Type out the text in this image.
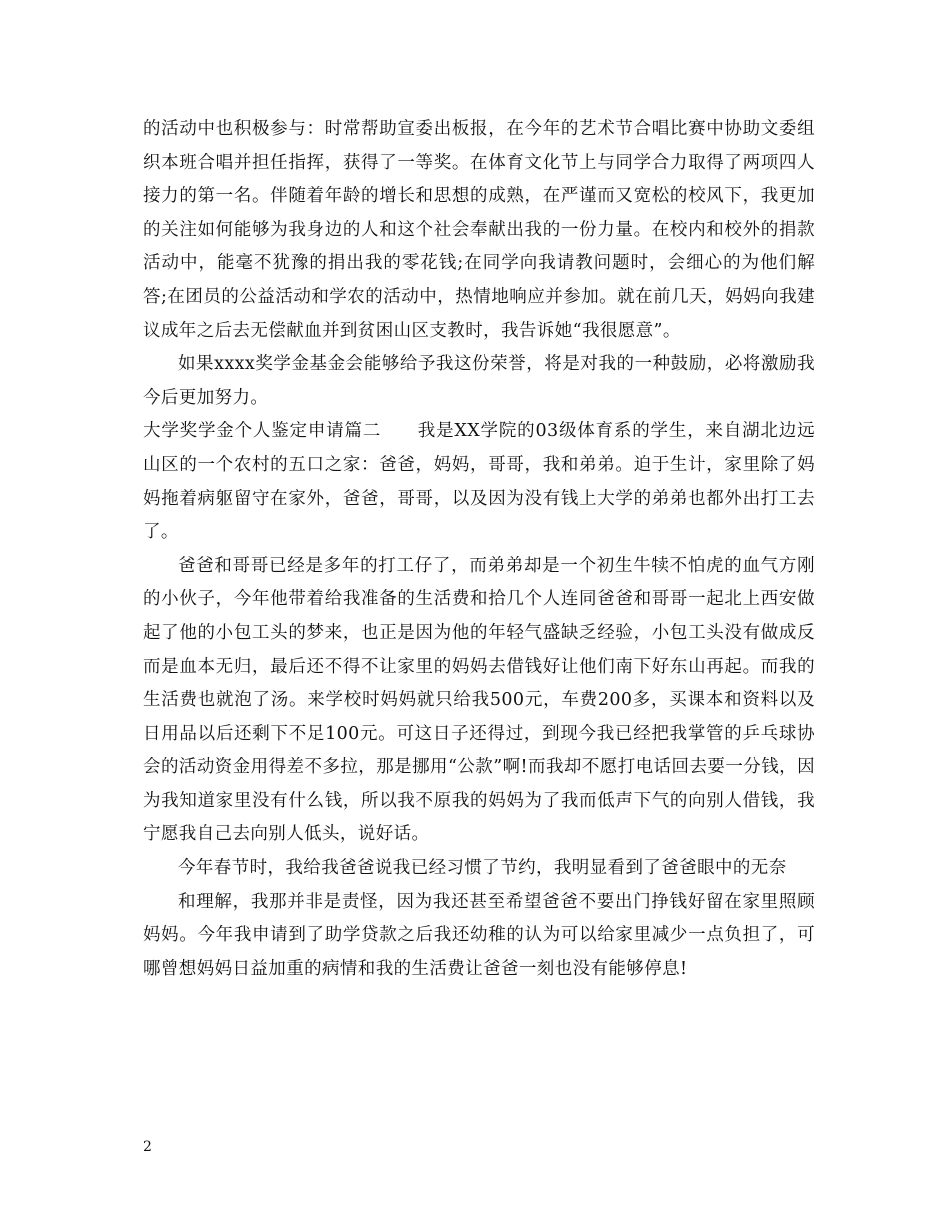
的活动中也积极参与：时常帮助宣委出板报，在今年的艺术节合唱比赛中协助文委组织本班合唱并担任指挥，获得了一等奖。在体育文化节上与同学合力取得了两项四人接力的第一名。伴随着年龄的增长和思想的成熟，在严谨而又宽松的校风下，我更加的关注如何能够为我身边的人和这个社会奉献出我的一份力量。在校内和校外的捐款活动中，能毫不犹豫的捐出我的零花钱;在同学向我请教问题时，会细心的为他们解答;在团员的公益活动和学农的活动中，热情地响应并参加。就在前几天，妈妈向我建议成年之后去无偿献血并到贫困山区支教时，我告诉她“我很愿意”。

如果xxxx奖学金基金会能够给予我这份荣誉，将是对我的一种鼓励，必将激励我今后更加努力。

大学奖学金个人鉴定申请篇二　　我是XX学院的03级体育系的学生，来自湖北边远山区的一个农村的五口之家：爸爸，妈妈，哥哥，我和弟弟。迫于生计，家里除了妈妈拖着病躯留守在家外，爸爸，哥哥，以及因为没有钱上大学的弟弟也都外出打工去了。

爸爸和哥哥已经是多年的打工仔了，而弟弟却是一个初生牛犊不怕虎的血气方刚的小伙子，今年他带着给我准备的生活费和拾几个人连同爸爸和哥哥一起北上西安做起了他的小包工头的梦来，也正是因为他的年轻气盛缺乏经验，小包工头没有做成反而是血本无归，最后还不得不让家里的妈妈去借钱好让他们南下好东山再起。而我的生活费也就泡了汤。来学校时妈妈就只给我500元，车费200多，买课本和资料以及日用品以后还剩下不足100元。可这日子还得过，到现今我已经把我掌管的乒乓球协会的活动资金用得差不多拉，那是挪用“公款”啊!而我却不愿打电话回去要一分钱，因为我知道家里没有什么钱，所以我不原我的妈妈为了我而低声下气的向别人借钱，我宁愿我自己去向别人低头，说好话。

今年春节时，我给我爸爸说我已经习惯了节约，我明显看到了爸爸眼中的无奈

和理解，我那并非是责怪，因为我还甚至希望爸爸不要出门挣钱好留在家里照顾妈妈。今年我申请到了助学贷款之后我还幼稚的认为可以给家里减少一点负担了，可哪曾想妈妈日益加重的病情和我的生活费让爸爸一刻也没有能够停息!

2
